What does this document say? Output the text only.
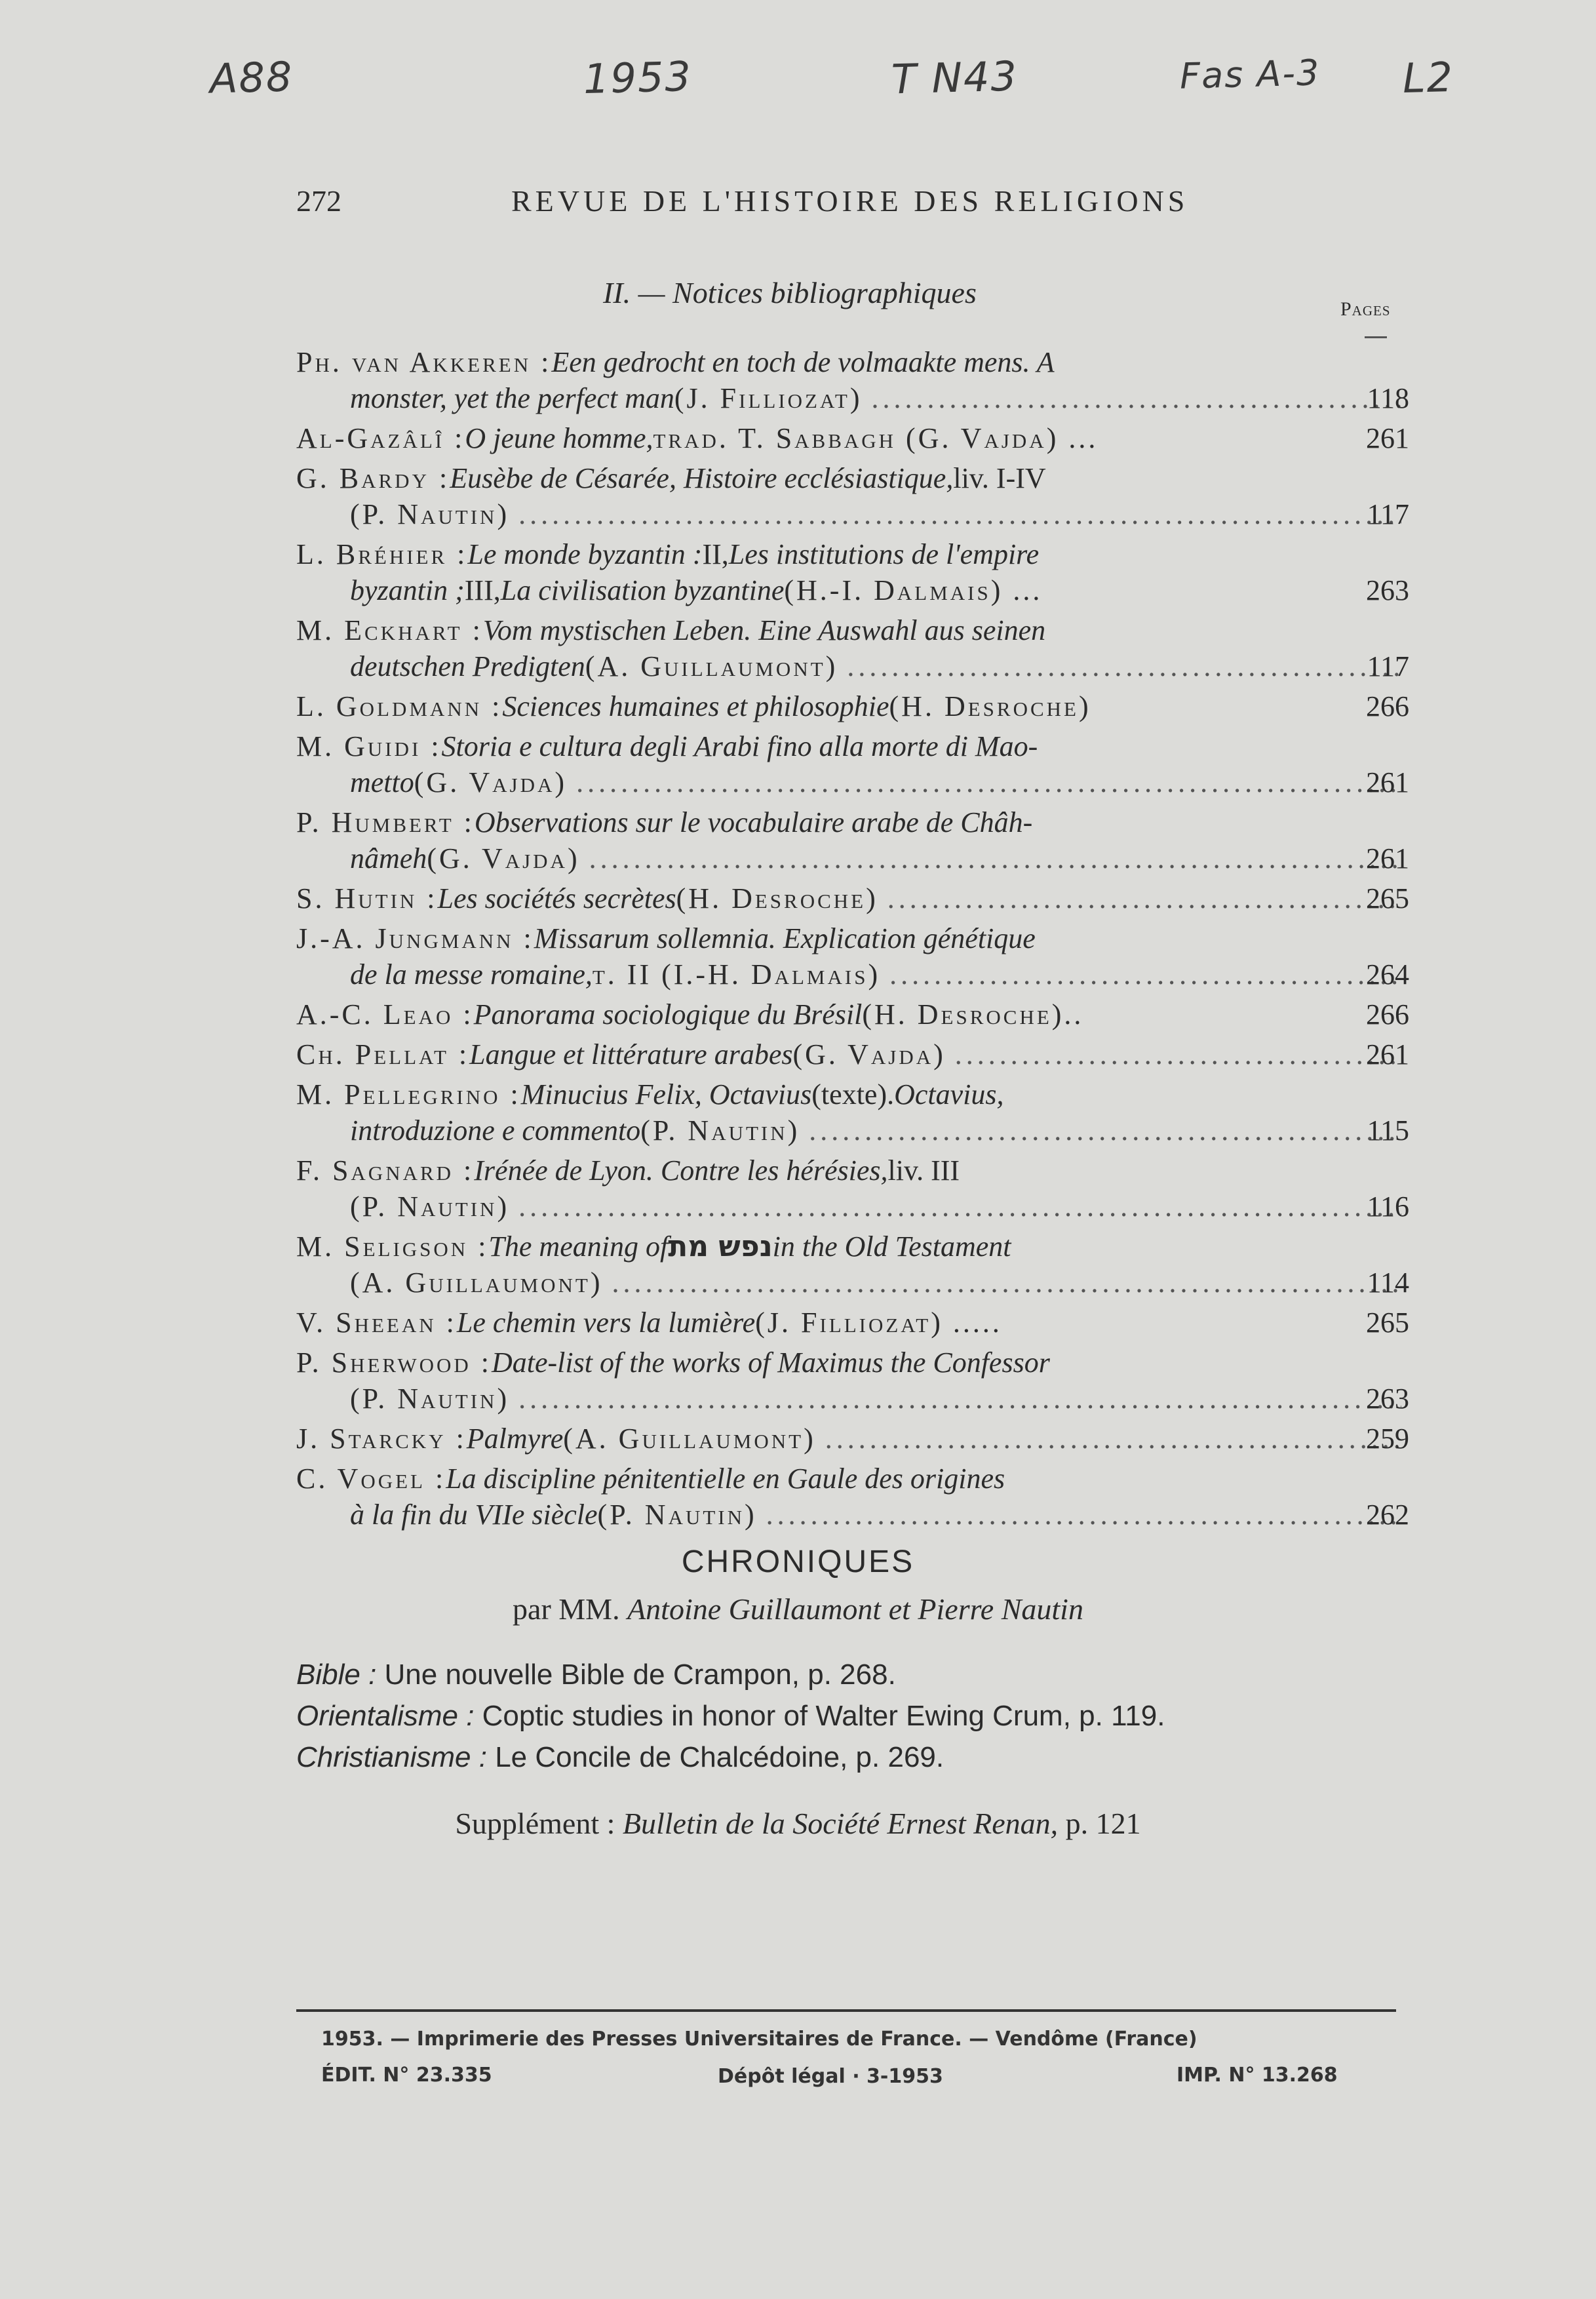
A88	1953	T N43	Fas A-3 L2
272	REVUE DE L'HISTOIRE DES RELIGIONS
II. — Notices bibliographiques	Pages
Ph. van Akkeren : Een gedrocht en toch de volmaakte mens. A
monster, yet the perfect man (J. Filliozat) .....	118
Al-Gazâlî : O jeune homme, trad. T. Sabbagh (G. Vajda) ...	261
G. Bardy : Eusèbe de Césarée, Histoire ecclésiastique, liv. I-IV
(P. Nautin) .....	117
L. Bréhier : Le monde byzantin : II, Les institutions de l'empire
byzantin ; III, La civilisation byzantine (H.-I. Dalmais) ...	263
M. Eckhart : Vom mystischen Leben. Eine Auswahl aus seinen
deutschen Predigten (A. Guillaumont) .....	117
L. Goldmann : Sciences humaines et philosophie (H. Desroche)	266
M. Guidi : Storia e cultura degli Arabi fino alla morte di Mao-
metto (G. Vajda) .....	261
P. Humbert : Observations sur le vocabulaire arabe de Châh-
nâmeh (G. Vajda) .....	261
S. Hutin : Les sociétés secrètes (H. Desroche) .....	265
J.-A. Jungmann : Missarum sollemnia. Explication génétique
de la messe romaine, t. II (I.-H. Dalmais) .....	264
A.-C. Leao : Panorama sociologique du Brésil (H. Desroche)..	266
Ch. Pellat : Langue et littérature arabes (G. Vajda) .....	261
M. Pellegrino : Minucius Felix, Octavius (texte). Octavius,
introduzione e commento (P. Nautin) .....	115
F. Sagnard : Irénée de Lyon. Contre les hérésies, liv. III
(P. Nautin) .....	116
M. Seligson : The meaning of נפש מת in the Old Testament
(A. Guillaumont) .....	114
V. Sheean : Le chemin vers la lumière (J. Filliozat) .....	265
P. Sherwood : Date-list of the works of Maximus the Confessor
(P. Nautin) .....	263
J. Starcky : Palmyre (A. Guillaumont) .....	259
C. Vogel : La discipline pénitentielle en Gaule des origines
à la fin du VIIe siècle (P. Nautin) .....	262
CHRONIQUES
par MM. Antoine Guillaumont et Pierre Nautin
Bible : Une nouvelle Bible de Crampon, p. 268.
Orientalisme : Coptic studies in honor of Walter Ewing Crum, p. 119.
Christianisme : Le Concile de Chalcédoine, p. 269.
Supplément : Bulletin de la Société Ernest Renan, p. 121
1953. — Imprimerie des Presses Universitaires de France. — Vendôme (France)
ÉDIT. N° 23.335	Dépôt légal · 3-1953	IMP. N° 13.268
